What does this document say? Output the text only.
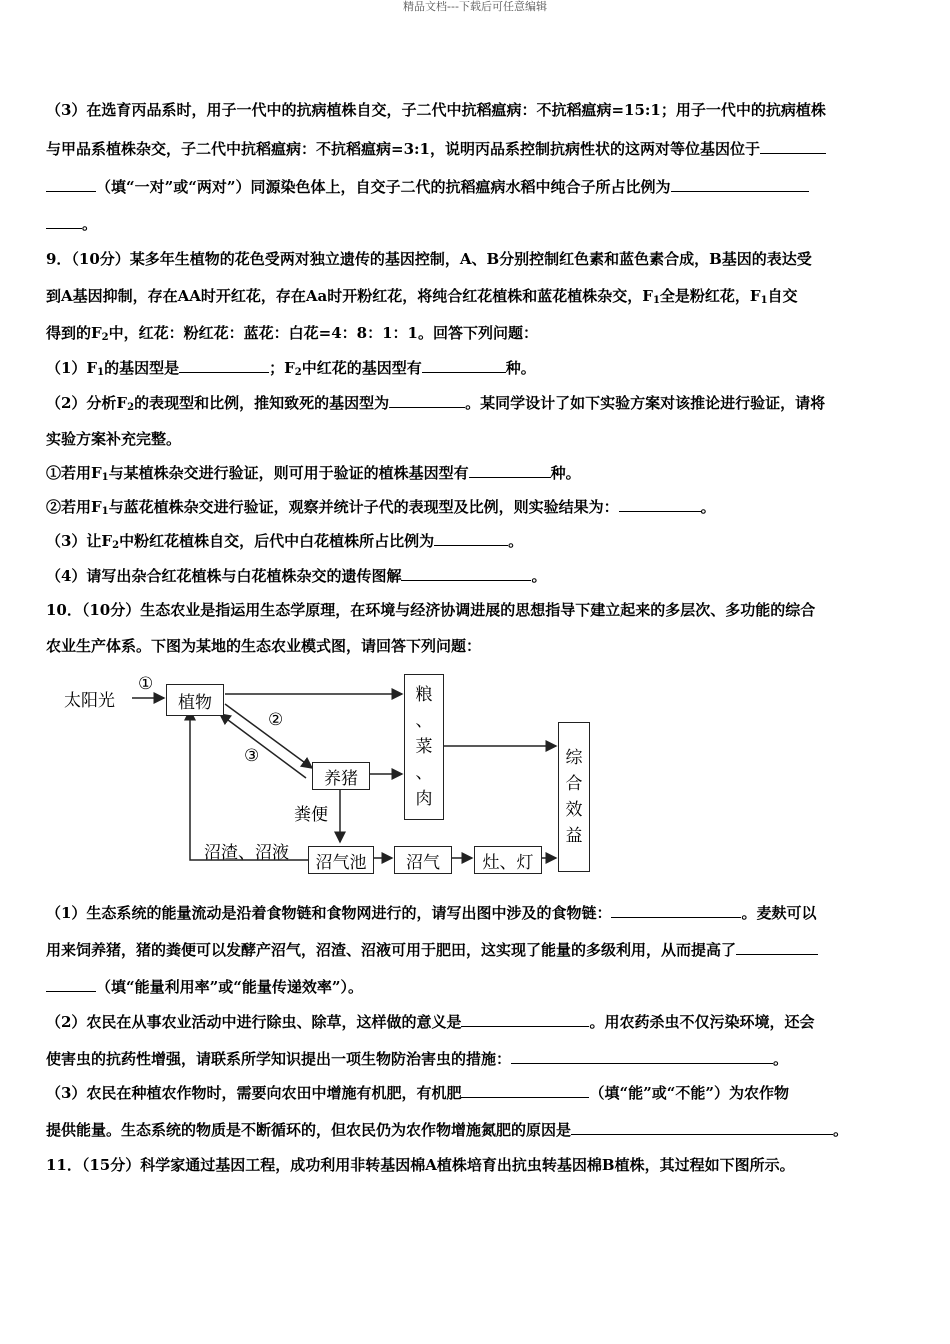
精品文档---下载后可任意编辑
（3）在选育丙品系时，用子一代中的抗病植株自交，子二代中抗稻瘟病：不抗稻瘟病=15:1；用子一代中的抗病植株
与甲品系植株杂交，子二代中抗稻瘟病：不抗稻瘟病=3:1，说明丙品系控制抗病性状的这两对等位基因位于
（填“一对”或“两对”）同源染色体上，自交子二代的抗稻瘟病水稻中纯合子所占比例为
。
9．（10分）某多年生植物的花色受两对独立遗传的基因控制，A、B分别控制红色素和蓝色素合成，B基因的表达受
到A基因抑制，存在AA时开红花，存在Aa时开粉红花，将纯合红花植株和蓝花植株杂交，$F_1$全是粉红花，$F_1$自交
得到的$F_2$中，红花：粉红花：蓝花：白花=4：8：1：1。回答下列问题：
$(1)F_1$的基因型是	；$F_2$中红花的基因型有	种。
（2）分析$F_2$的表现型和比例，推知致死的基因型为	。某同学设计了如下实验方案对该推论进行验证，请将
实验方案补充完整。
①若用$F_1$与某植株杂交进行验证，则可用于验证的植株基因型有	种。
②若用$F_1$与蓝花植株杂交进行验证，观察并统计子代的表现型及比例，则实验结果为：	。
（3）让$F_2$中粉红花植株自交，后代中白花植株所占比例为	。
（4）请写出杂合红花植株与白花植株杂交的遗传图解	。
10．（10分）生态农业是指运用生态学原理，在环境与经济协调进展的思想指导下建立起来的多层次、多功能的综合
农业生产体系。下图为某地的生态农业模式图，请回答下列问题：
太阳光
①
②
③
植物
养猪
粮
、
菜
、
肉
综
合
效
益
粪便
沼渣、沼液 沼气池 沼气	灶、灯
（1）生态系统的能量流动是沿着食物链和食物网进行的，请写出图中涉及的食物链：	。麦麸可以
用来饲养猪，猪的粪便可以发酵产沼气，沼渣、沼液可用于肥田，这实现了能量的多级利用，从而提高了
（填“能量利用率”或“能量传递效率”）。
（2）农民在从事农业活动中进行除虫、除草，这样做的意义是	。用农药杀虫不仅污染环境，还会
使害虫的抗药性增强，请联系所学知识提出一项生物防治害虫的措施：	。
（3）农民在种植农作物时，需要向农田中增施有机肥，有机肥	（填“能”或“不能”）为农作物
提供能量。生态系统的物质是不断循环的，但农民仍为农作物增施氮肥的原因是	。
11．（15分）科学家通过基因工程，成功利用非转基因棉A植株培育出抗虫转基因棉B植株，其过程如下图所示。
